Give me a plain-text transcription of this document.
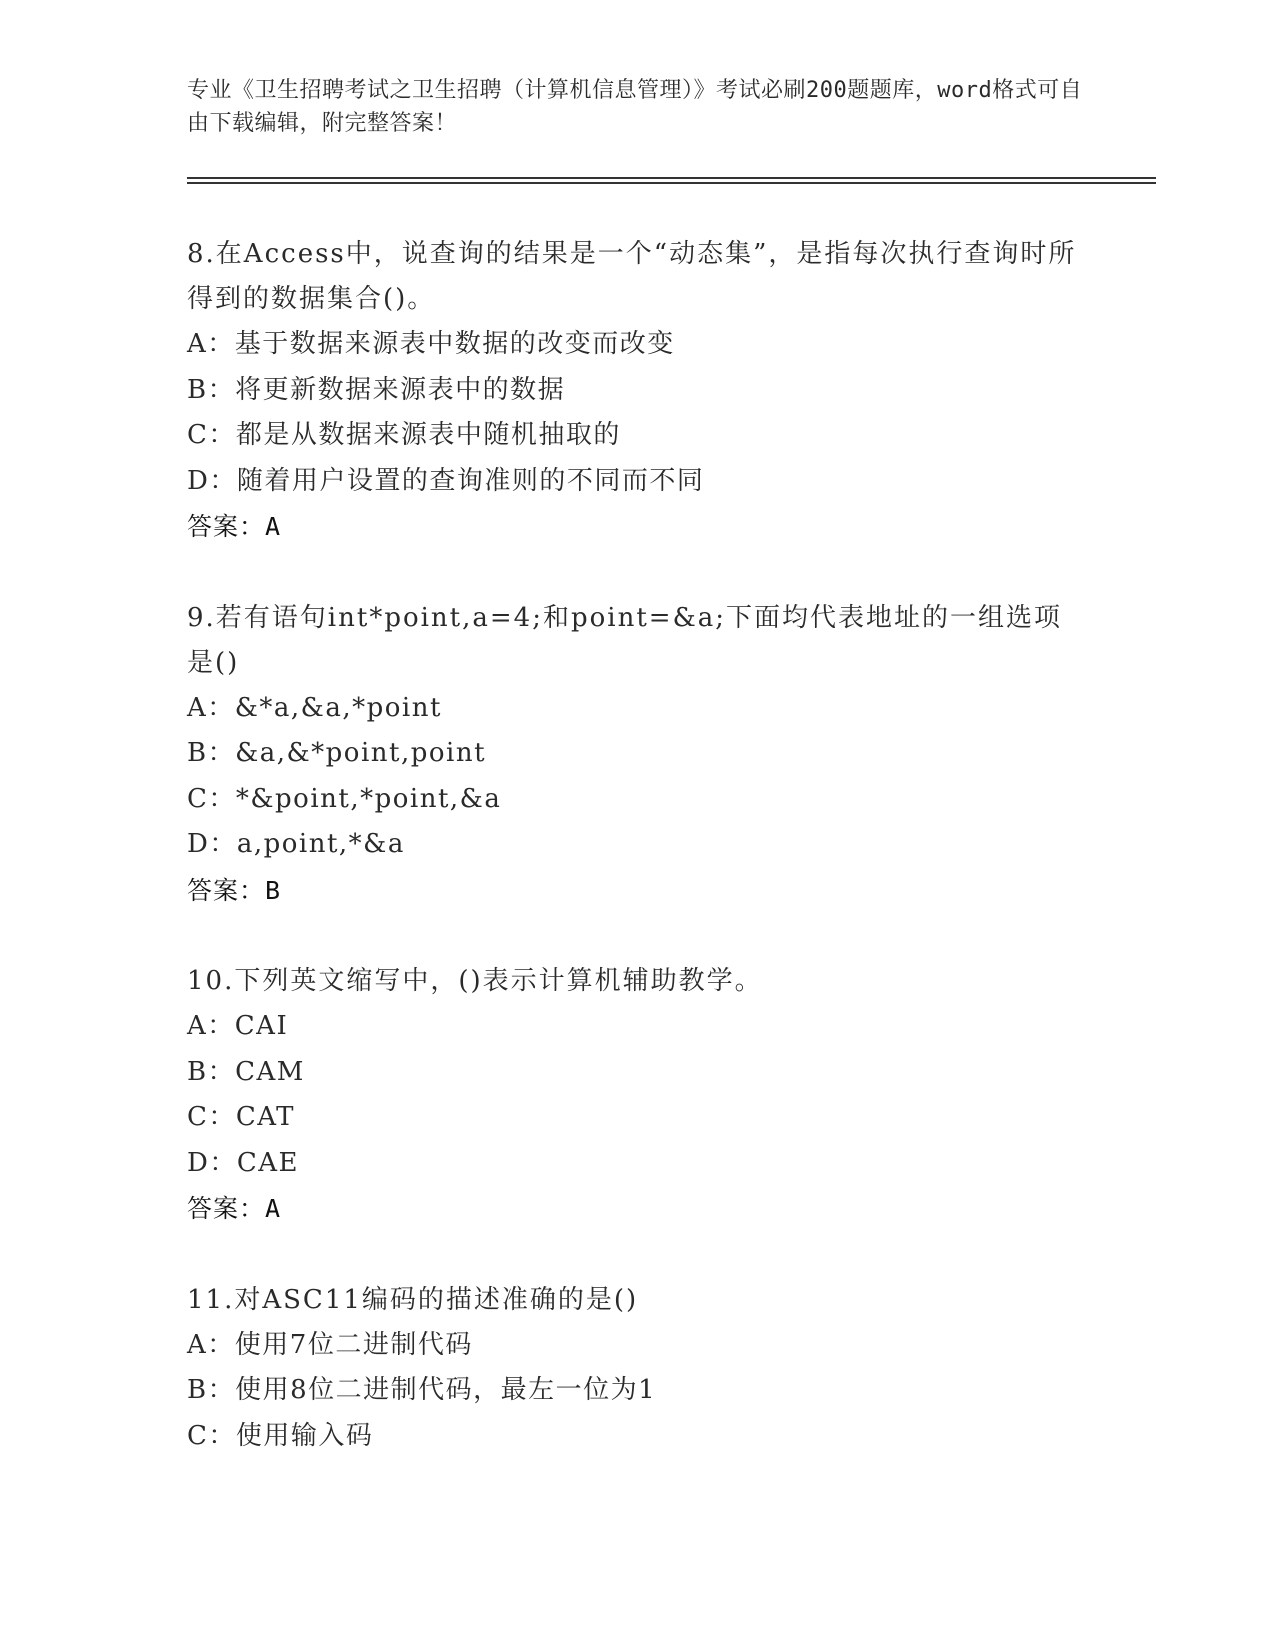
专业《卫生招聘考试之卫生招聘（计算机信息管理）》考试必刷200题题库，word格式可自由下载编辑，附完整答案！
8.在Access中，说查询的结果是一个“动态集”，是指每次执行查询时所得到的数据集合()。
A：基于数据来源表中数据的改变而改变
B：将更新数据来源表中的数据
C：都是从数据来源表中随机抽取的
D：随着用户设置的查询准则的不同而不同
答案：A
9.若有语句int*point,a=4;和point=&a;下面均代表地址的一组选项是()
A：&*a,&a,*point
B：&a,&*point,point
C：*&point,*point,&a
D：a,point,*&a
答案：B
10.下列英文缩写中，()表示计算机辅助教学。
A：CAI
B：CAM
C：CAT
D：CAE
答案：A
11.对ASC11编码的描述准确的是()
A：使用7位二进制代码
B：使用8位二进制代码，最左一位为1
C：使用输入码
